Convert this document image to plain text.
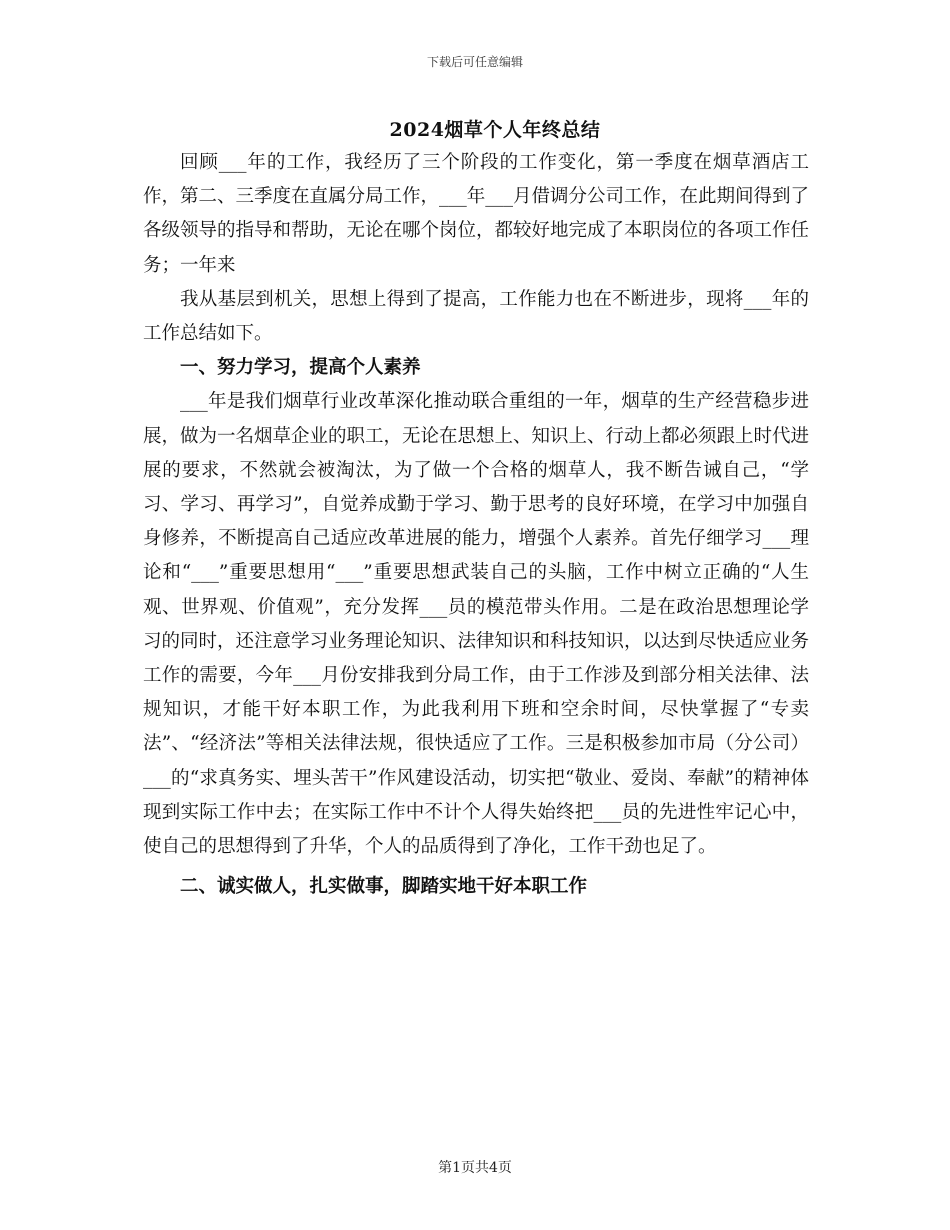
下载后可任意编辑
2024烟草个人年终总结

回顾___年的工作，我经历了三个阶段的工作变化，第一季度在烟草酒店工作，第二、三季度在直属分局工作，___年___月借调分公司工作，在此期间得到了各级领导的指导和帮助，无论在哪个岗位，都较好地完成了本职岗位的各项工作任务；一年来

我从基层到机关，思想上得到了提高，工作能力也在不断进步，现将___年的工作总结如下。

一、努力学习，提高个人素养

___年是我们烟草行业改革深化推动联合重组的一年，烟草的生产经营稳步进展，做为一名烟草企业的职工，无论在思想上、知识上、行动上都必须跟上时代进展的要求，不然就会被淘汰，为了做一个合格的烟草人，我不断告诫自己，“学习、学习、再学习”，自觉养成勤于学习、勤于思考的良好环境，在学习中加强自身修养，不断提高自己适应改革进展的能力，增强个人素养。首先仔细学习___理论和“___”重要思想用“___”重要思想武装自己的头脑，工作中树立正确的“人生观、世界观、价值观”，充分发挥___员的模范带头作用。二是在政治思想理论学习的同时，还注意学习业务理论知识、法律知识和科技知识，以达到尽快适应业务工作的需要，今年___月份安排我到分局工作，由于工作涉及到部分相关法律、法规知识，才能干好本职工作，为此我利用下班和空余时间，尽快掌握了“专卖法”、“经济法”等相关法律法规，很快适应了工作。三是积极参加市局（分公司）___的“求真务实、埋头苦干”作风建设活动，切实把“敬业、爱岗、奉献”的精神体现到实际工作中去；在实际工作中不计个人得失始终把___员的先进性牢记心中，使自己的思想得到了升华，个人的品质得到了净化，工作干劲也足了。

二、诚实做人，扎实做事，脚踏实地干好本职工作
第1页共4页
